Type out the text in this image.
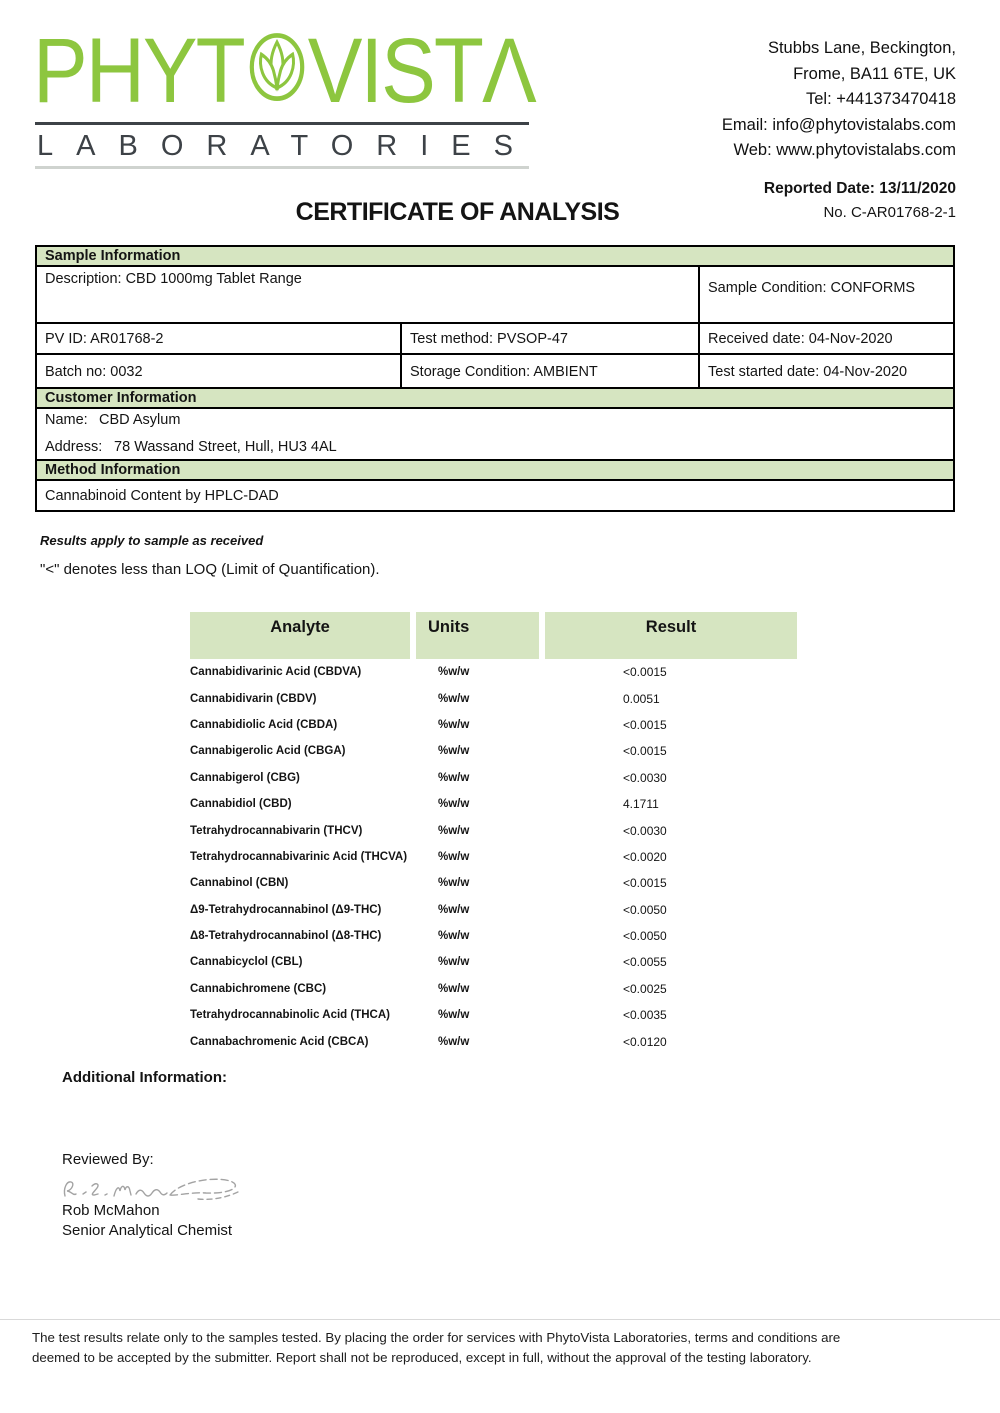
PHYT VISTΛ
LABORATORIES
Stubbs Lane, Beckington,
Frome, BA11 6TE, UK
Tel: +441373470418
Email: info@phytovistalabs.com
Web: www.phytovistalabs.com
Reported Date: 13/11/2020
No. C-AR01768-2-1
CERTIFICATE OF ANALYSIS
Sample Information
Description: CBD 1000mg Tablet Range
Sample Condition: CONFORMS
PV ID: AR01768-2	Test method: PVSOP-47	Received date: 04-Nov-2020
Batch no: 0032	Storage Condition: AMBIENT	Test started date: 04-Nov-2020
Customer Information
Name: CBD Asylum
Address: 78 Wassand Street, Hull, HU3 4AL
Method Information
Cannabinoid Content by HPLC-DAD
Results apply to sample as received
"<" denotes less than LOQ (Limit of Quantification).
Analyte	Units	Result
Cannabidivarinic Acid (CBDVA)	%w/w	<0.0015
Cannabidivarin (CBDV)	%w/w	0.0051
Cannabidiolic Acid (CBDA)	%w/w	<0.0015
Cannabigerolic Acid (CBGA)	%w/w	<0.0015
Cannabigerol (CBG)	%w/w	<0.0030
Cannabidiol (CBD)	%w/w	4.1711
Tetrahydrocannabivarin (THCV)	%w/w	<0.0030
Tetrahydrocannabivarinic Acid (THCVA)	%w/w	<0.0020
Cannabinol (CBN)	%w/w	<0.0015
Δ9-Tetrahydrocannabinol (Δ9-THC)	%w/w	<0.0050
Δ8-Tetrahydrocannabinol (Δ8-THC)	%w/w	<0.0050
Cannabicyclol (CBL)	%w/w	<0.0055
Cannabichromene (CBC)	%w/w	<0.0025
Tetrahydrocannabinolic Acid (THCA)	%w/w	<0.0035
Cannabachromenic Acid (CBCA)	%w/w	<0.0120
Additional Information:
Reviewed By:
Rob McMahon
Senior Analytical Chemist
The test results relate only to the samples tested. By placing the order for services with PhytoVista Laboratories, terms and conditions are
deemed to be accepted by the submitter. Report shall not be reproduced, except in full, without the approval of the testing laboratory.
